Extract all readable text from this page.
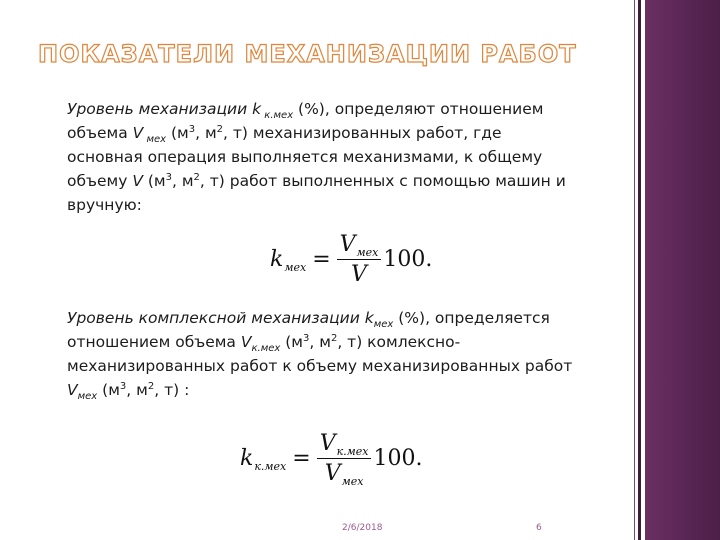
ПОКАЗАТЕЛИ МЕХАНИЗАЦИИ РАБОТ
Уровень механизации k $_{к.мех}$ (%), определяют отношением
объема V $_{мех}$ ($м^3$, $м^2$, т) механизированных работ, где
основная операция выполняется механизмами, к общему
объему V ($м^3$, $м^2$, т) работ выполненных с помощью машин и
вручную:
k мех = $\frac{\text{V мех}}{V} 100$.
Уровень комплексной механизации $k_{мех}$ (%), определяется
отношением объема $V_{к.мех}$ ($м^3$, $м^2$, т) комлексно-
механизированных работ к объему механизированных работ
$V_{мех}$ ($м^3$, $м^2$, т) :
k $к.мех = \frac{\text{V к.мех}}{\text{V мех}} 100$.
2/6/2018	6
